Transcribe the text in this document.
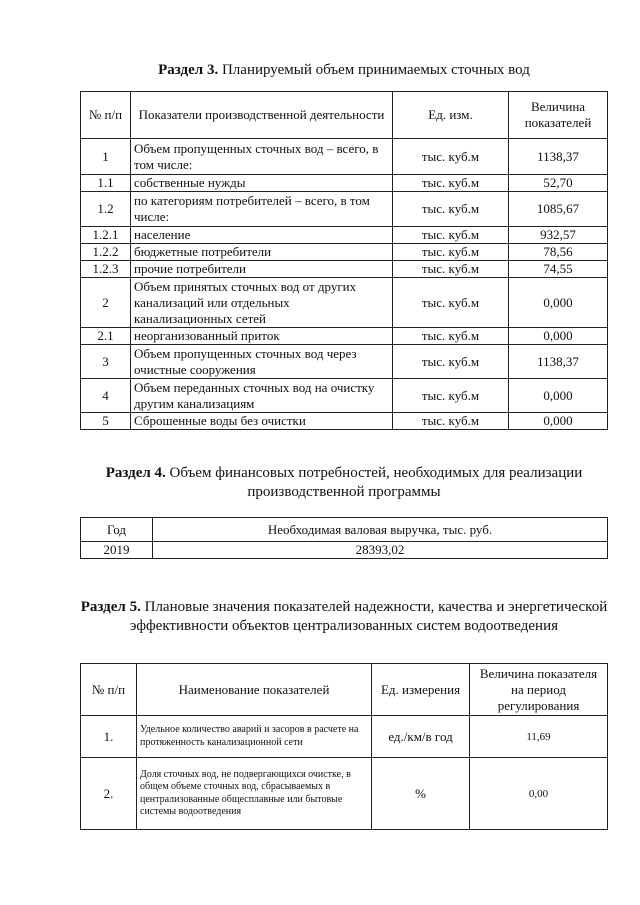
Раздел 3. Планируемый объем принимаемых сточных вод
№ п/п	Показатели производственной деятельности	Ед. изм.	Величина показателей
1	Объем пропущенных сточных вод – всего, в том числе:	тыс. куб.м	1138,37
1.1	собственные нужды	тыс. куб.м	52,70
1.2	по категориям потребителей – всего, в том числе:	тыс. куб.м	1085,67
1.2.1	население	тыс. куб.м	932,57
1.2.2	бюджетные потребители	тыс. куб.м	78,56
1.2.3	прочие потребители	тыс. куб.м	74,55
2	Объем принятых сточных вод от других канализаций или отдельных канализационных сетей	тыс. куб.м	0,000
2.1	неорганизованный приток	тыс. куб.м	0,000
3	Объем пропущенных сточных вод через очистные сооружения	тыс. куб.м	1138,37
4	Объем переданных сточных вод на очистку другим канализациям	тыс. куб.м	0,000
5	Сброшенные воды без очистки	тыс. куб.м	0,000
Раздел 4. Объем финансовых потребностей, необходимых для реализации производственной программы
Год	Необходимая валовая выручка, тыс. руб.
2019	28393,02
Раздел 5. Плановые значения показателей надежности, качества и энергетической эффективности объектов централизованных систем водоотведения
№ п/п	Наименование показателей	Ед. измерения	Величина показателя на период регулирования
1.	Удельное количество аварий и засоров в расчете на протяженность канализационной сети	ед./км/в год	11,69
2.	Доля сточных вод, не подвергающихся очистке, в общем объеме сточных вод, сбрасываемых в централизованные общесплавные или бытовые системы водоотведения	%	0,00
